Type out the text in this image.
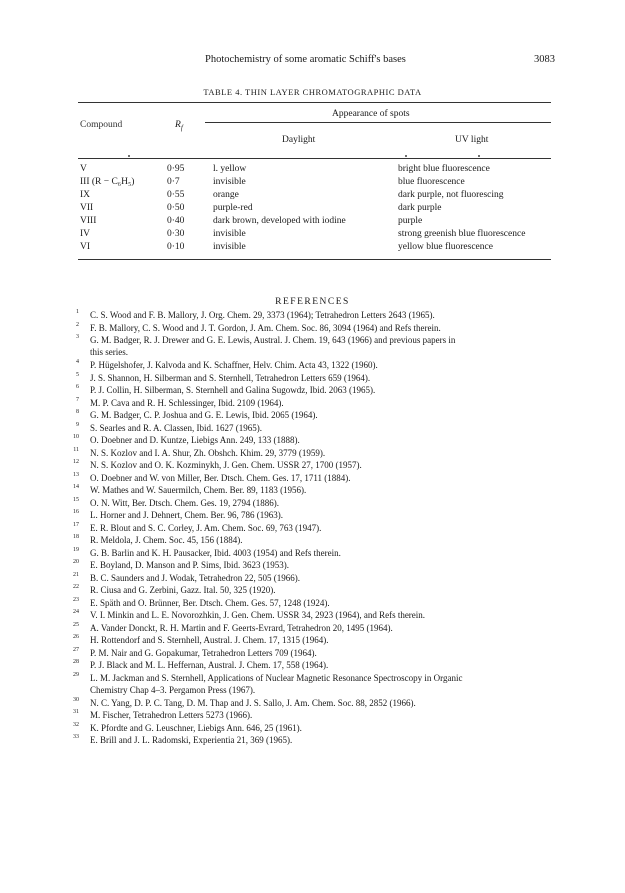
Photochemistry of some aromatic Schiff's bases	3083
TABLE 4. THIN LAYER CHROMATOGRAPHIC DATA
Compound	$R_f$
Appearance of spots
Daylight	UV light
V	0·95	l. yellow	bright blue fluorescence
III (R − C₆H₅)	0·7	invisible	blue fluorescence
IX	0·55	orange	dark purple, not fluorescing
VII	0·50	purple-red	dark purple
VIII	0·40	dark brown, developed with iodine	purple
IV	0·30	invisible	strong greenish blue fluorescence
VI	0·10	invisible	yellow blue fluorescence
REFERENCES
1 C. S. Wood and F. B. Mallory, J. Org. Chem. 29, 3373 (1964); Tetrahedron Letters 2643 (1965).
2 F. B. Mallory, C. S. Wood and J. T. Gordon, J. Am. Chem. Soc. 86, 3094 (1964) and Refs therein.
3 G. M. Badger, R. J. Drewer and G. E. Lewis, Austral. J. Chem. 19, 643 (1966) and previous papers in
this series.
4 P. Hügelshofer, J. Kalvoda and K. Schaffner, Helv. Chim. Acta 43, 1322 (1960).
5 J. S. Shannon, H. Silberman and S. Sternhell, Tetrahedron Letters 659 (1964).
6 P. J. Collin, H. Silberman, S. Sternhell and Galina Sugowdz, Ibid. 2063 (1965).
7 M. P. Cava and R. H. Schlessinger, Ibid. 2109 (1964).
8 G. M. Badger, C. P. Joshua and G. E. Lewis, Ibid. 2065 (1964).
9 S. Searles and R. A. Classen, Ibid. 1627 (1965).
10 O. Doebner and D. Kuntze, Liebigs Ann. 249, 133 (1888).
11 N. S. Kozlov and I. A. Shur, Zh. Obshch. Khim. 29, 3779 (1959).
12 N. S. Kozlov and O. K. Kozminykh, J. Gen. Chem. USSR 27, 1700 (1957).
13 O. Doebner and W. von Miller, Ber. Dtsch. Chem. Ges. 17, 1711 (1884).
14 W. Mathes and W. Sauermilch, Chem. Ber. 89, 1183 (1956).
15 O. N. Witt, Ber. Dtsch. Chem. Ges. 19, 2794 (1886).
16 L. Horner and J. Dehnert, Chem. Ber. 96, 786 (1963).
17 E. R. Blout and S. C. Corley, J. Am. Chem. Soc. 69, 763 (1947).
18 R. Meldola, J. Chem. Soc. 45, 156 (1884).
19 G. B. Barlin and K. H. Pausacker, Ibid. 4003 (1954) and Refs therein.
20 E. Boyland, D. Manson and P. Sims, Ibid. 3623 (1953).
21 B. C. Saunders and J. Wodak, Tetrahedron 22, 505 (1966).
22 R. Ciusa and G. Zerbini, Gazz. Ital. 50, 325 (1920).
23 E. Späth and O. Brünner, Ber. Dtsch. Chem. Ges. 57, 1248 (1924).
24 V. I. Minkin and L. E. Novorozhkin, J. Gen. Chem. USSR 34, 2923 (1964), and Refs therein.
25 A. Vander Donckt, R. H. Martin and F. Geerts-Evrard, Tetrahedron 20, 1495 (1964).
26 H. Rottendorf and S. Sternhell, Austral. J. Chem. 17, 1315 (1964).
27 P. M. Nair and G. Gopakumar, Tetrahedron Letters 709 (1964).
28 P. J. Black and M. L. Heffernan, Austral. J. Chem. 17, 558 (1964).
29 L. M. Jackman and S. Sternhell, Applications of Nuclear Magnetic Resonance Spectroscopy in Organic
Chemistry Chap 4–3. Pergamon Press (1967).
30 N. C. Yang, D. P. C. Tang, D. M. Thap and J. S. Sallo, J. Am. Chem. Soc. 88, 2852 (1966).
31 M. Fischer, Tetrahedron Letters 5273 (1966).
32 K. Pfordte and G. Leuschner, Liebigs Ann. 646, 25 (1961).
33 E. Brill and J. L. Radomski, Experientia 21, 369 (1965).
